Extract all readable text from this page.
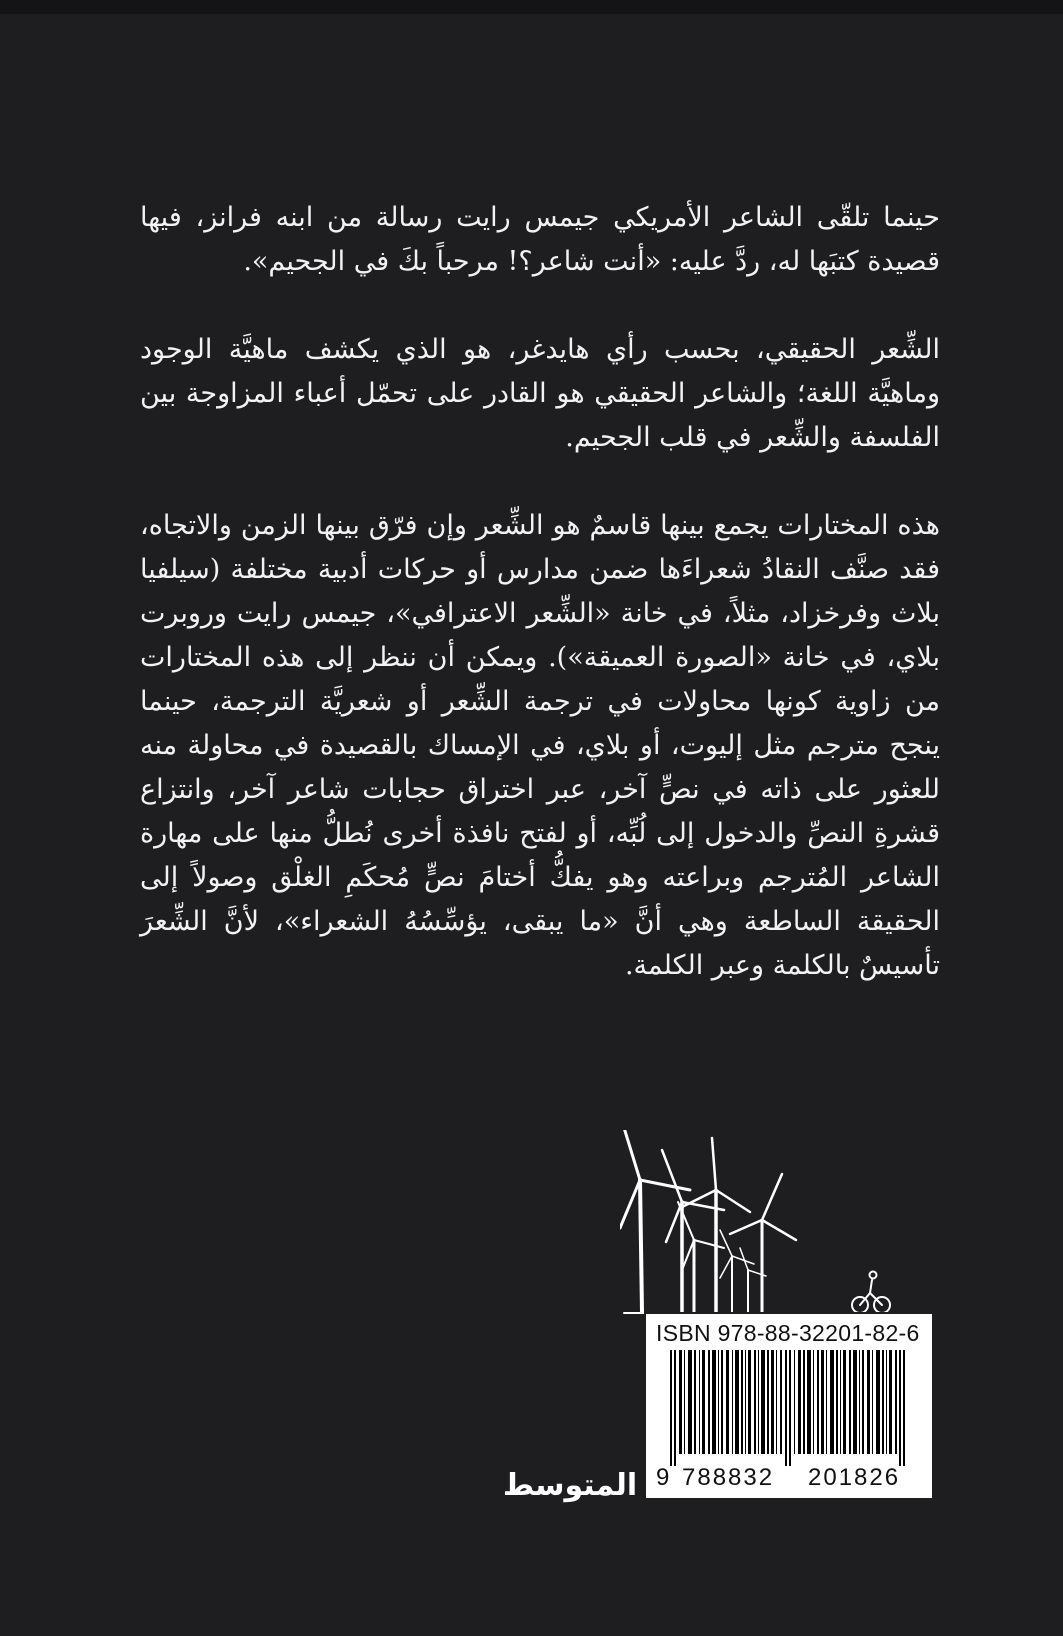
حينما تلقّى الشاعر الأمريكي جيمس رايت رسالة من ابنه فرانز، فيها قصيدة كتبَها له، ردَّ عليه: «أنت شاعر؟! مرحباً بكَ في الجحيم».

الشِّعر الحقيقي، بحسب رأي هايدغر، هو الذي يكشف ماهيَّة الوجود وماهيَّة اللغة؛ والشاعر الحقيقي هو القادر على تحمّل أعباء المزاوجة بين الفلسفة والشِّعر في قلب الجحيم.

هذه المختارات يجمع بينها قاسمٌ هو الشِّعر وإن فرّق بينها الزمن والاتجاه، فقد صنَّف النقادُ شعراءَها ضمن مدارس أو حركات أدبية مختلفة (سيلفيا بلاث وفرخزاد، مثلاً، في خانة «الشِّعر الاعترافي»، جيمس رايت وروبرت بلاي، في خانة «الصورة العميقة»). ويمكن أن ننظر إلى هذه المختارات من زاوية كونها محاولات في ترجمة الشِّعر أو شعريَّة الترجمة، حينما ينجح مترجم مثل إليوت، أو بلاي، في الإمساك بالقصيدة في محاولة منه للعثور على ذاته في نصٍّ آخر، عبر اختراق حجابات شاعر آخر، وانتزاع قشرةِ النصِّ والدخول إلى لُبِّه، أو لفتح نافذة أخرى نُطلُّ منها على مهارة الشاعر المُترجم وبراعته وهو يفكُّ أختامَ نصٍّ مُحكَمِ الغلْق وصولاً إلى الحقيقة الساطعة وهي أنَّ «ما يبقى، يؤسِّسُهُ الشعراء»، لأنَّ الشِّعرَ تأسيسٌ بالكلمة وعبر الكلمة.

ISBN 978-88-32201-82-6
9 788832 201826
المتوسط
